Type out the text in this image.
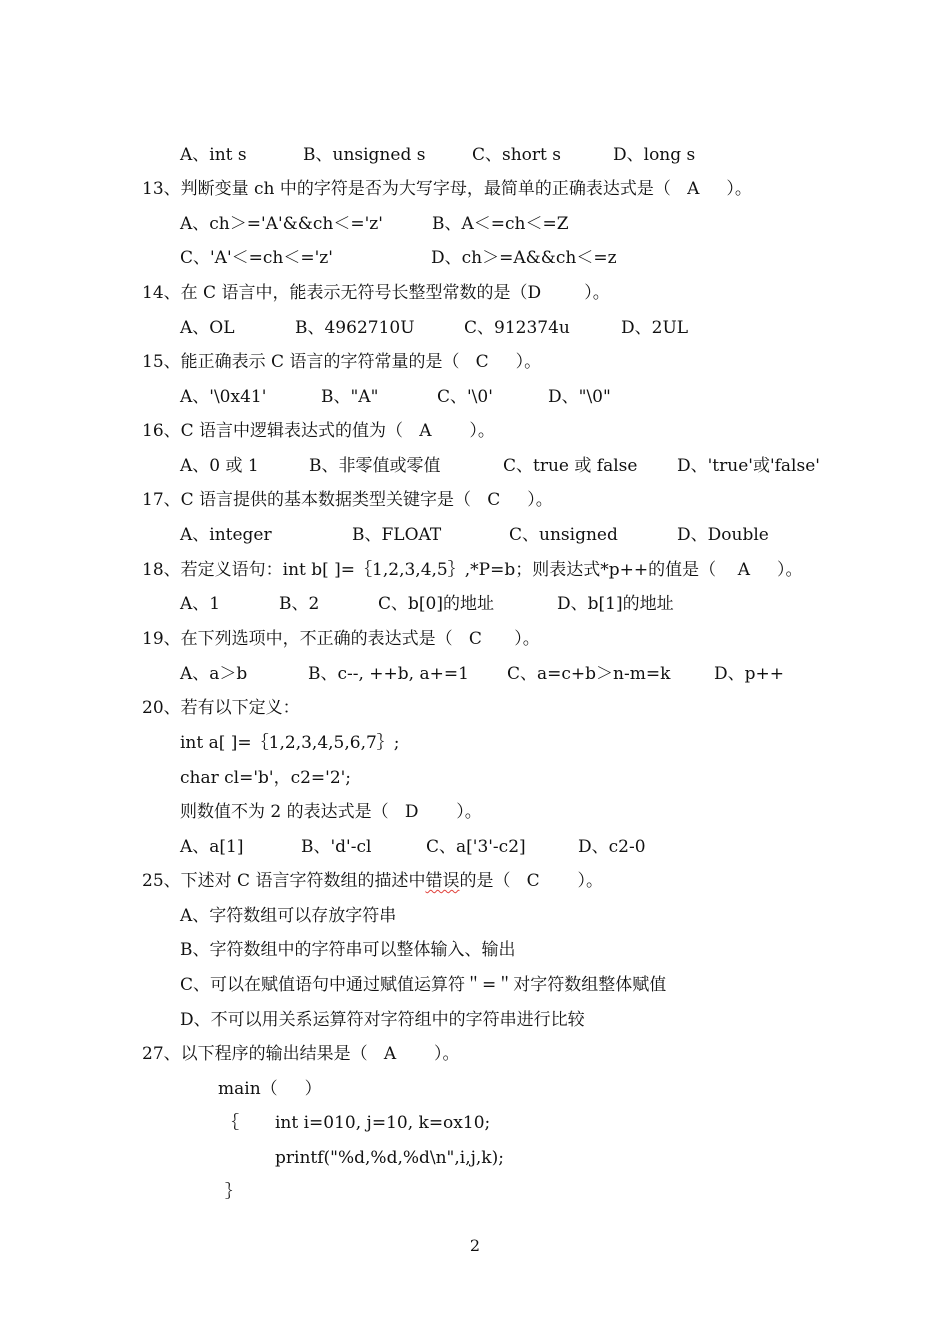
A、int s

	B、unsigned s

	C、short s

	D、long s

13、判断变量 ch 中的字符是否为大写字母，最简单的正确表达式是（   A     ）。

A、ch＞='A'&&ch＜='z'

	B、A＜=ch＜=Z

C、'A'＜=ch＜='z'

	D、ch＞=A&&ch＜=z

14、在 C 语言中，能表示无符号长整型常数的是（D        ）。

A、OL

	B、4962710U

	C、912374u

	D、2UL

15、能正确表示 C 语言的字符常量的是（   C     ）。

A、'\0x41'

	B、"A"

	C、'\0'

	D、"\0"

16、C 语言中逻辑表达式的值为（   A       ）。

A、0 或 1

	B、非零值或零值

	C、true 或 false

D、'true'或'false'

17、C 语言提供的基本数据类型关键字是（   C     ）。

A、integer

	B、FLOAT

	C、unsigned

	D、Double

18、若定义语句：int b[ ]=｛1,2,3,4,5｝,*P=b；则表达式*p++的值是（    A     ）。

A、1

	B、2

	C、b[0]的地址

	D、b[1]的地址

19、在下列选项中，不正确的表达式是（   C      ）。

A、a＞b

	B、c--, ++b, a+=1

C、a=c+b＞n-m=k

	D、p++

20、若有以下定义：
int a[ ]=｛1,2,3,4,5,6,7｝;
char cl='b'，c2='2';
则数值不为 2 的表达式是（   D       ）。

A、a[1]

	B、'd'-cl

	C、a['3'-c2]

	D、c2-0

25、下述对 C 语言字符数组的描述中错误的是（   C       ）。
A、字符数组可以存放字符串
B、字符数组中的字符串可以整体输入、输出
C、可以在赋值语句中通过赋值运算符＂=＂对字符数组整体赋值
D、不可以用关系运算符对字符组中的字符串进行比较
27、以下程序的输出结果是（   A       ）。
main（     ）
｛ int i=010, j=10, k=ox10;
printf("%d,%d,%d\n",i,j,k);
｝
2
